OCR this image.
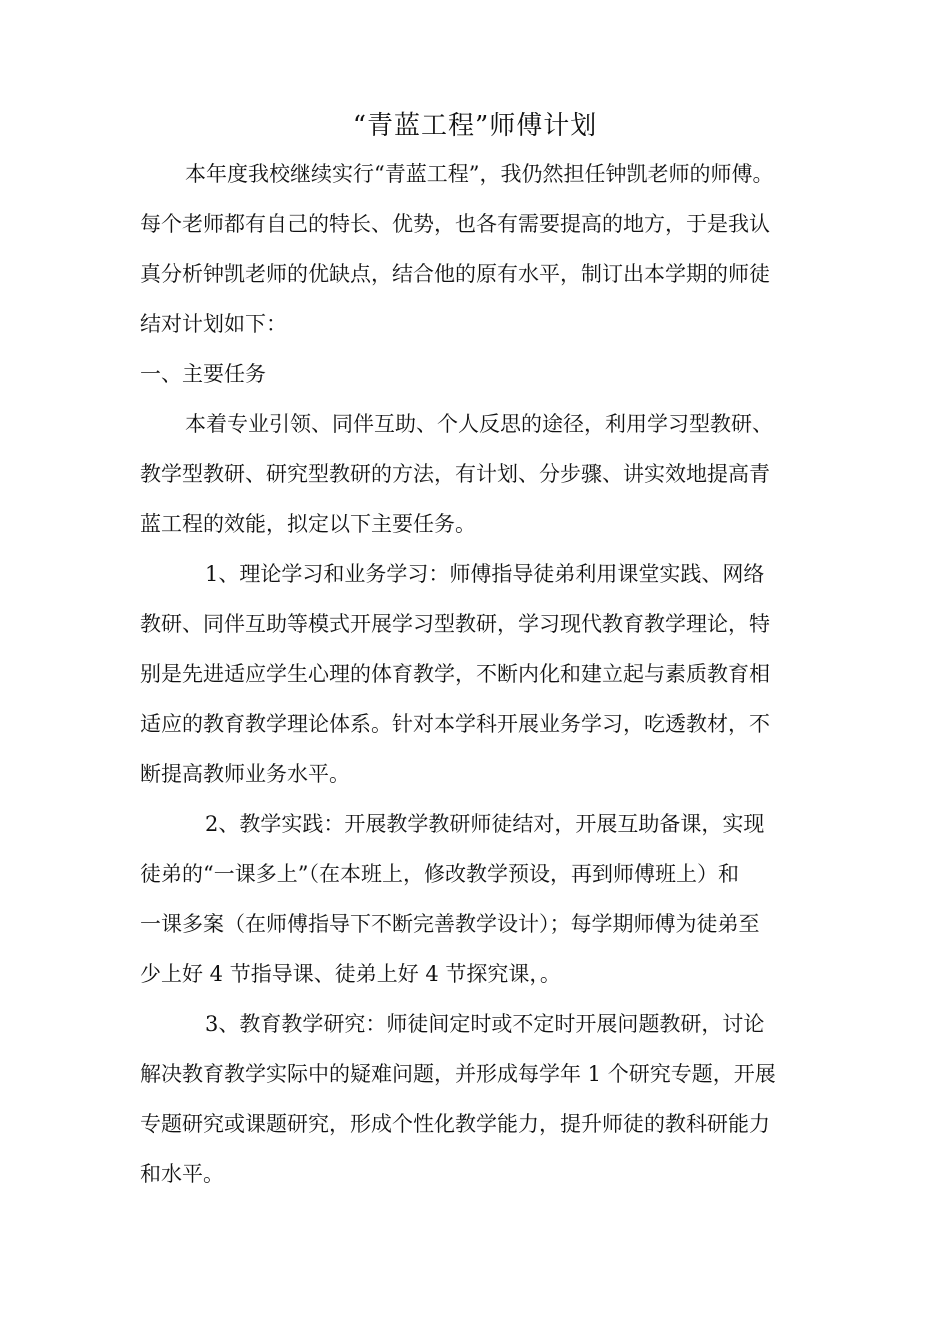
“青蓝工程”师傅计划
本年度我校继续实行“青蓝工程”，我仍然担任钟凯老师的师傅。
每个老师都有自己的特长、优势，也各有需要提高的地方，于是我认
真分析钟凯老师的优缺点，结合他的原有水平，制订出本学期的师徒
结对计划如下：
一、主要任务
本着专业引领、同伴互助、个人反思的途径，利用学习型教研、
教学型教研、研究型教研的方法，有计划、分步骤、讲实效地提高青
蓝工程的效能，拟定以下主要任务。
1、理论学习和业务学习：师傅指导徒弟利用课堂实践、网络
教研、同伴互助等模式开展学习型教研，学习现代教育教学理论，特
别是先进适应学生心理的体育教学，不断内化和建立起与素质教育相
适应的教育教学理论体系。针对本学科开展业务学习，吃透教材，不
断提高教师业务水平。
2、教学实践：开展教学教研师徒结对，开展互助备课，实现
徒弟的“一课多上”（在本班上，修改教学预设，再到师傅班上）和
一课多案（在师傅指导下不断完善教学设计）；每学期师傅为徒弟至
少上好 4 节指导课、徒弟上好 4 节探究课，。
3、教育教学研究：师徒间定时或不定时开展问题教研，讨论
解决教育教学实际中的疑难问题，并形成每学年 1 个研究专题，开展
专题研究或课题研究，形成个性化教学能力，提升师徒的教科研能力
和水平。
